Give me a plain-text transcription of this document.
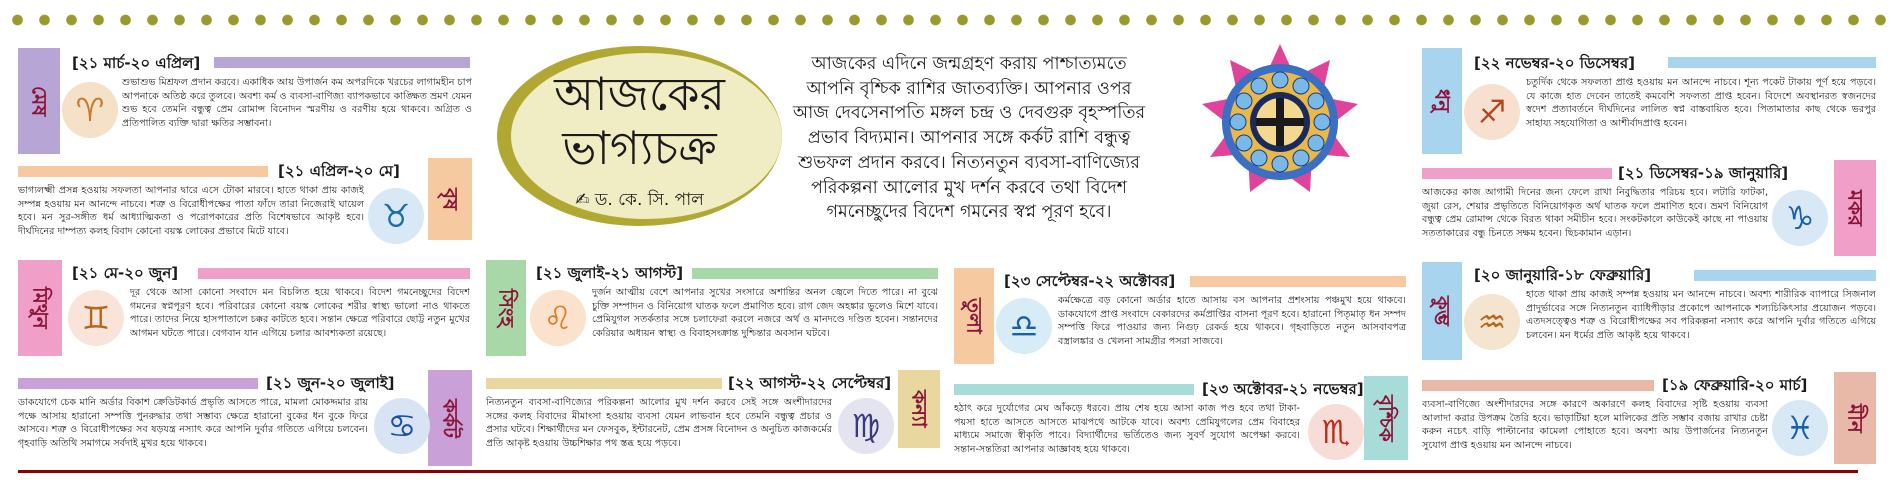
মেষ
[২১ মার্চ-২০ এপ্রিল]
♈
শুভাশুভ মিশ্রফল প্রদান করবে। একাধিক আয় উপার্জন কম অপরদিকে খরচের লাগামহীন চাপ আপনাকে অতিষ্ঠ করে তুলবে। অবশ্য কর্ম ও ব্যবসা-বাণিজ্য ব্যাপকভাবে কাঙ্ক্ষিত ভ্রমণ যেমন শুভ হবে তেমনি বন্ধুত্ব প্রেম রোমান্স বিনোদন স্মরণীয় ও বরণীয় হয়ে থাকবে। অগ্রিত ও প্রতিপালিত ব্যক্তি দ্বারা ক্ষতির সম্ভাবনা।
বৃষ
[২১ এপ্রিল-২০ মে]
♉
ভাগ্যলক্ষ্মী প্রসন্ন হওয়ায় সফলতা আপনার দ্বারে এসে টোকা মারবে। হাতে থাকা প্রায় কাজই সম্পন্ন হওয়ায় মন আনন্দে নাচবে। শত্রু ও বিরোধীপক্ষের পাতা ফাঁদে তারা নিজেরাই ঘায়েল হবে। মন সুর-সঙ্গীত ধর্ম আধ্যাত্মিকতা ও পরোপকারের প্রতি বিশেষভাবে আকৃষ্ট হবে। দীর্ঘদিনের দাম্পত্য কলহ বিবাদ কোনো বয়স্ক লোকের প্রভাবে মিটে যাবে।
মিথুন
[২১ মে-২০ জুন]
♊
দূর থেকে আসা কোনো সংবাদে মন বিচলিত হয়ে থাকবে। বিদেশ গমনেচ্ছুদের বিদেশ গমনের স্বপ্নপূরণ হবে। পরিবারের কোনো বয়স্ক লোকের শরীর স্বাস্থ্য ভালো নাও থাকতে পারে। তাদের নিয়ে হাসপাতালে চক্কর কাটতে হবে। সন্তান ক্ষেত্রে পরিবারে ছোট্ট নতুন মুখের আগমন ঘটতে পারে। বেগবান যান এগিয়ে চলার আবশ্যকতা রয়েছে।
কর্কট
[২১ জুন-২০ জুলাই]
♋
ডাকযোগে চেক মানি অর্ডার বিকাশ ক্রেডিটকার্ড প্রভৃতি আসতে পারে, মামলা মোকদ্দমার রায় পক্ষে আসায় হারানো সম্পত্তি পুনরুদ্ধার তথা সম্ভাব্য ক্ষেত্রে হারানো বুকের ধন বুকে ফিরে আসবে। শত্রু ও বিরোধীপক্ষের সব ষড়যন্ত্র নস্যাৎ করে আপনি দুর্বার গতিতে এগিয়ে চলবেন। গৃহবাড়ি অতিথি সমাগমে সর্বদাই মুখর হয়ে থাকবে।
আজকের
ভাগ্যচক্র
✍ ড. কে. সি. পাল
আজকের এদিনে জন্মগ্রহণ করায় পাশ্চাত্যমতে আপনি বৃশ্চিক রাশির জাতব্যক্তি। আপনার ওপর আজ দেবসেনাপতি মঙ্গল চন্দ্র ও দেবগুরু বৃহস্পতির প্রভাব বিদ্যমান। আপনার সঙ্গে কর্কট রাশি বন্ধুত্ব শুভফল প্রদান করবে। নিত্যনতুন ব্যবসা-বাণিজ্যের পরিকল্পনা আলোর মুখ দর্শন করবে তথা বিদেশ গমনেচ্ছুদের বিদেশ গমনের স্বপ্ন পূরণ হবে।
সিংহ
[২১ জুলাই-২১ আগস্ট]
♌
দুর্জন আত্মীয় বেশে আপনার সুখের সংসারে অশান্তির অনল জ্বেলে দিতে পারে। না বুঝে চুক্তি সম্পাদন ও বিনিয়োগ ঘাতক ফলে প্রমাণিত হবে। রাগ জেদ অহঙ্কার ভুলেও মিশে যাবে। প্রেমিযুগল সতর্কতার সঙ্গে চলাফেরা করলে নজরে অর্থ ও মানদণ্ডে দণ্ডিত হবেন। সন্তানদের কেরিয়ার অধ্যয়ন স্বাস্থ্য ও বিবাহসংক্রান্ত দুশ্চিন্তার অবসান ঘটবে।
কন্যা
[২২ আগস্ট-২২ সেপ্টেম্বর]
♍
নিত্যনতুন ব্যবসা-বাণিজ্যের পরিকল্পনা আলোর মুখ দর্শন করবে সেই সঙ্গে অংশীদারদের সঙ্গের কলহ বিবাদের মীমাংসা হওয়ায় ব্যবসা যেমন লাভবান হবে তেমনি বন্ধুত্ব প্রচার ও প্রসার ঘটবে। শিক্ষার্থীদের মন ফেসবুক, ইন্টারনেট, প্রেম প্রসঙ্গ বিনোদন ও অনুচিত কাজকর্মের প্রতি আকৃষ্ট হওয়ায় উচ্চশিক্ষার পথ স্তব্ধ হয়ে পড়বে।
তুলা
[২৩ সেপ্টেম্বর-২২ অক্টোবর]
♎
কর্মক্ষেত্রে বড় কোনো অর্ডার হাতে আসায় বস আপনার প্রশংসায় পঞ্চমুখ হয়ে থাকবে। ডাকযোগে প্রাপ্ত সংবাদে বেকারদের কর্মপ্রাপ্তির বাসনা পূরণ হবে। হারানো পিতৃমাতৃ ধন সম্পদ সম্পত্তি ফিরে পাওয়ার জন্য নিগুঢ় রেকর্ড হয়ে থাকবে। গৃহবাড়িতে নতুন আসবাবপত্র বস্ত্রালঙ্কার ও খেলনা সামগ্রীর পসরা সাজবে।
বৃশ্চিক
[২৩ অক্টোবর-২১ নভেম্বর]
♏
হঠাৎ করে দুর্যোগের মেঘ আঁকড়ে ধরবে। প্রায় শেষ হয়ে আসা কাজ পণ্ড হবে তথা টাকা-পয়সা হাতে আসতে আসতে মাঝপথে আটকে যাবে। অবশ্য প্রেমিযুগলের প্রেম বিবাহের মাধ্যমে সমাজে স্বীকৃতি পাবে। বিদ্যার্থীদের ভর্তিতেও জন্য সুবর্ণ সুযোগ অপেক্ষা করবে। সন্তান-সন্ততিরা আপনার আজ্ঞাবহ হয়ে থাকবে।
ধনু
[২২ নভেম্বর-২০ ডিসেম্বর]
♐
চতুর্দিক থেকে সফলতা প্রাপ্ত হওয়ায় মন আনন্দে নাচবে। শূন্য পকেট টাকায় পূর্ণ হয়ে পড়বে। যে কাজে হাত দেবেন তাতেই কমবেশি সফলতা প্রাপ্ত হবেন। বিদেশে অবস্থানরত স্বজনদের স্বদেশ প্রত্যাবর্তনে দীর্ঘদিনের লালিত স্বপ্ন বাস্তবায়িত হবে। পিতামাতার কাছ থেকে ভরপুর সাহায্য সহযোগিতা ও আশীর্বাদপ্রাপ্ত হবেন।
মকর
[২১ ডিসেম্বর-১৯ জানুয়ারি]
♑
আজকের কাজ আগামী দিনের জন্য ফেলে রাখা নিবুদ্ধিতার পরিচয় হবে। লটারি ফাটকা, জুয়া রেস, শেয়ার প্রভৃতিতে বিনিয়োগকৃত অর্থ ঘাতক ফলে প্রমাণিত হবে। ভ্রমণ বিনিয়োগ বন্ধুত্ব প্রেম রোমান্স থেকে বিরত থাকা সমীচীন হবে। সংকটকালে কাউকেই কাছে না পাওয়ায় সততাকারের বন্ধু চিনতে সক্ষম হবেন। ছিচকামান এড়ান।
কুম্ভ
[২০ জানুয়ারি-১৮ ফেব্রুয়ারি]
♒
হাতে থাকা প্রায় কাজই সম্পন্ন হওয়ায় মন আনন্দে নাচবে। অবশ্য শারীরিক ব্যাপারে সিজনাল প্রাদুর্ভাবের সঙ্গে নিত্যনতুন ব্যাধিপীড়ার প্রকোপে আপনাকে শল্যচিকিৎসার প্রয়োজন পড়বে। এতদসত্ত্বেও শত্রু ও বিরোধীপক্ষের সব পরিকল্পনা নস্যাৎ করে আপনি দুর্বার গতিতে এগিয়ে চলবেন। মন ধর্মের প্রতি আকৃষ্ট হয়ে থাকবে।
মীন
[১৯ ফেব্রুয়ারি-২০ মার্চ]
♓
ব্যবসা-বাণিজ্যে অংশীদারদের সঙ্গে কারণে অকারণে কলহ বিবাদের সৃষ্টি হওয়ায় ব্যবসা আলাদা করার উপক্রম তৈরি হবে। ভাড়াটিয়া হলে মালিকের প্রতি সম্ভাব বজায় রাখার চেষ্টা করুন নচেৎ বাড়ি পাল্টানোর কামেলা পোহাতে হবে। অবশ্য আয় উপার্জনের নিত্যনতুন সুযোগ প্রাপ্ত হওয়ায় মন আনন্দে নাচবে।
